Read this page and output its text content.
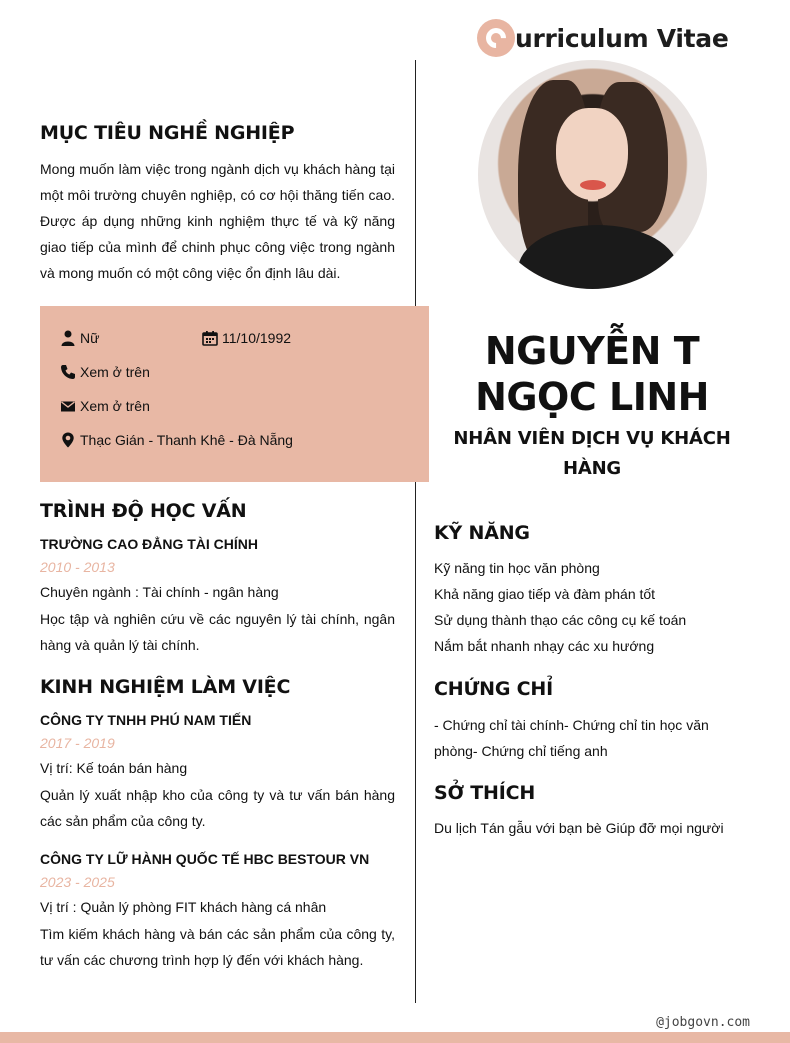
urriculum Vitae
MỤC TIÊU NGHỀ NGHIỆP
Mong muốn làm việc trong ngành dịch vụ khách hàng tại một môi trường chuyên nghiệp, có cơ hội thăng tiến cao. Được áp dụng những kinh nghiệm thực tế và kỹ năng giao tiếp của mình để chinh phục công việc trong ngành và mong muốn có một công việc ổn định lâu dài.
Nữ	11/10/1992
Xem ở trên
Xem ở trên
Thạc Gián - Thanh Khê - Đà Nẵng
TRÌNH ĐỘ HỌC VẤN
TRƯỜNG CAO ĐẲNG TÀI CHÍNH
2010 - 2013
Chuyên ngành : Tài chính - ngân hàng
Học tập và nghiên cứu về các nguyên lý tài chính, ngân hàng và quản lý tài chính.
KINH NGHIỆM LÀM VIỆC
CÔNG TY TNHH PHÚ NAM TIẾN
2017 - 2019
Vị trí: Kế toán bán hàng
Quản lý xuất nhập kho của công ty và tư vấn bán hàng các sản phẩm của công ty.
CÔNG TY LỮ HÀNH QUỐC TẾ HBC BESTOUR VN
2023 - 2025
Vị trí : Quản lý phòng FIT khách hàng cá nhân
Tìm kiếm khách hàng và bán các sản phẩm của công ty, tư vấn các chương trình hợp lý đến với khách hàng.
NGUYỄN T NGỌC LINH
NHÂN VIÊN DỊCH VỤ KHÁCH HÀNG
KỸ NĂNG
Kỹ năng tin học văn phòng
Khả năng giao tiếp và đàm phán tốt
Sử dụng thành thạo các công cụ kế toán
Nắm bắt nhanh nhạy các xu hướng
CHỨNG CHỈ
- Chứng chỉ tài chính- Chứng chỉ tin học văn phòng- Chứng chỉ tiếng anh
SỞ THÍCH
Du lịch Tán gẫu với bạn bè Giúp đỡ mọi người
@jobgovn.com
